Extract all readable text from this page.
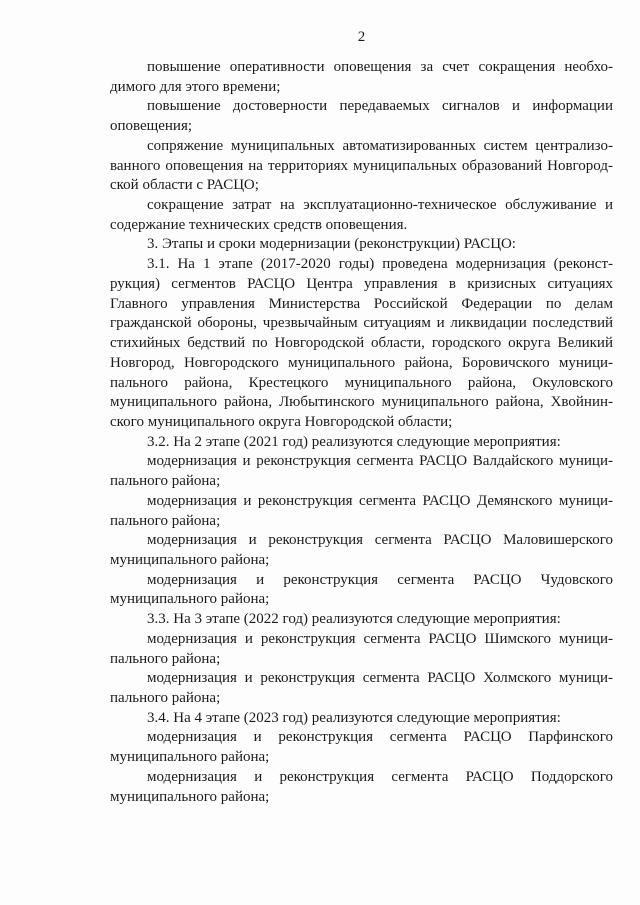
2
повышение оперативности оповещения за счет сокращения необхо-
димого для этого времени;
повышение достоверности передаваемых сигналов и информации
оповещения;
сопряжение муниципальных автоматизированных систем централизо-
ванного оповещения на территориях муниципальных образований Новгород-
ской области с РАСЦО;
сокращение затрат на эксплуатационно-техническое обслуживание и
содержание технических средств оповещения.
3. Этапы и сроки модернизации (реконструкции) РАСЦО:
3.1. На 1 этапе (2017-2020 годы) проведена модернизация (реконст-
рукция) сегментов РАСЦО Центра управления в кризисных ситуациях
Главного управления Министерства Российской Федерации по делам
гражданской обороны, чрезвычайным ситуациям и ликвидации последствий
стихийных бедствий по Новгородской области, городского округа Великий
Новгород, Новгородского муниципального района, Боровичского муници-
пального района, Крестецкого муниципального района, Окуловского
муниципального района, Любытинского муниципального района, Хвойнин-
ского муниципального округа Новгородской области;
3.2. На 2 этапе (2021 год) реализуются следующие мероприятия:
модернизация и реконструкция сегмента РАСЦО Валдайского муници-
пального района;
модернизация и реконструкция сегмента РАСЦО Демянского муници-
пального района;
модернизация и реконструкция сегмента РАСЦО Маловишерского
муниципального района;
модернизация и реконструкция сегмента РАСЦО Чудовского
муниципального района;
3.3. На 3 этапе (2022 год) реализуются следующие мероприятия:
модернизация и реконструкция сегмента РАСЦО Шимского муници-
пального района;
модернизация и реконструкция сегмента РАСЦО Холмского муници-
пального района;
3.4. На 4 этапе (2023 год) реализуются следующие мероприятия:
модернизация и реконструкция сегмента РАСЦО Парфинского
муниципального района;
модернизация и реконструкция сегмента РАСЦО Поддорского
муниципального района;
